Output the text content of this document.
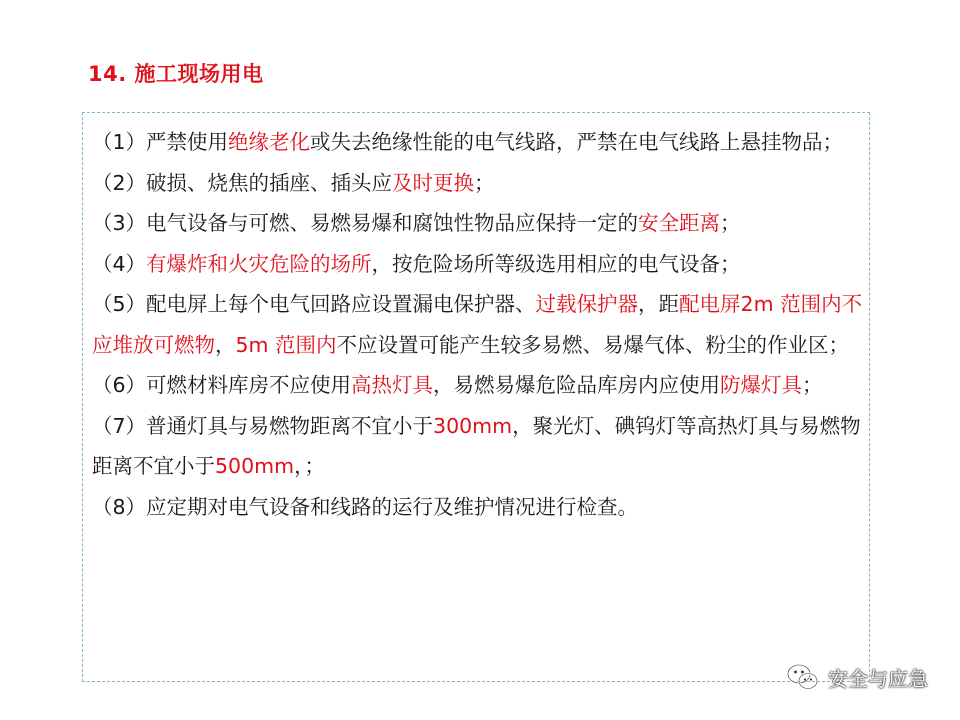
14. 施工现场用电

（1）严禁使用绝缘老化或失去绝缘性能的电气线路，严禁在电气线路上悬挂物品；

（2）破损、烧焦的插座、插头应及时更换；

（3）电气设备与可燃、易燃易爆和腐蚀性物品应保持一定的安全距离；

（4）有爆炸和火灾危险的场所，按危险场所等级选用相应的电气设备；

（5）配电屏上每个电气回路应设置漏电保护器、过载保护器，距配电屏2m 范围内不应堆放可燃物，5m 范围内不应设置可能产生较多易燃、易爆气体、粉尘的作业区；

（6）可燃材料库房不应使用高热灯具，易燃易爆危险品库房内应使用防爆灯具；

（7）普通灯具与易燃物距离不宜小于300mm，聚光灯、碘钨灯等高热灯具与易燃物距离不宜小于500mm，；

（8）应定期对电气设备和线路的运行及维护情况进行检查。

安全与应急
